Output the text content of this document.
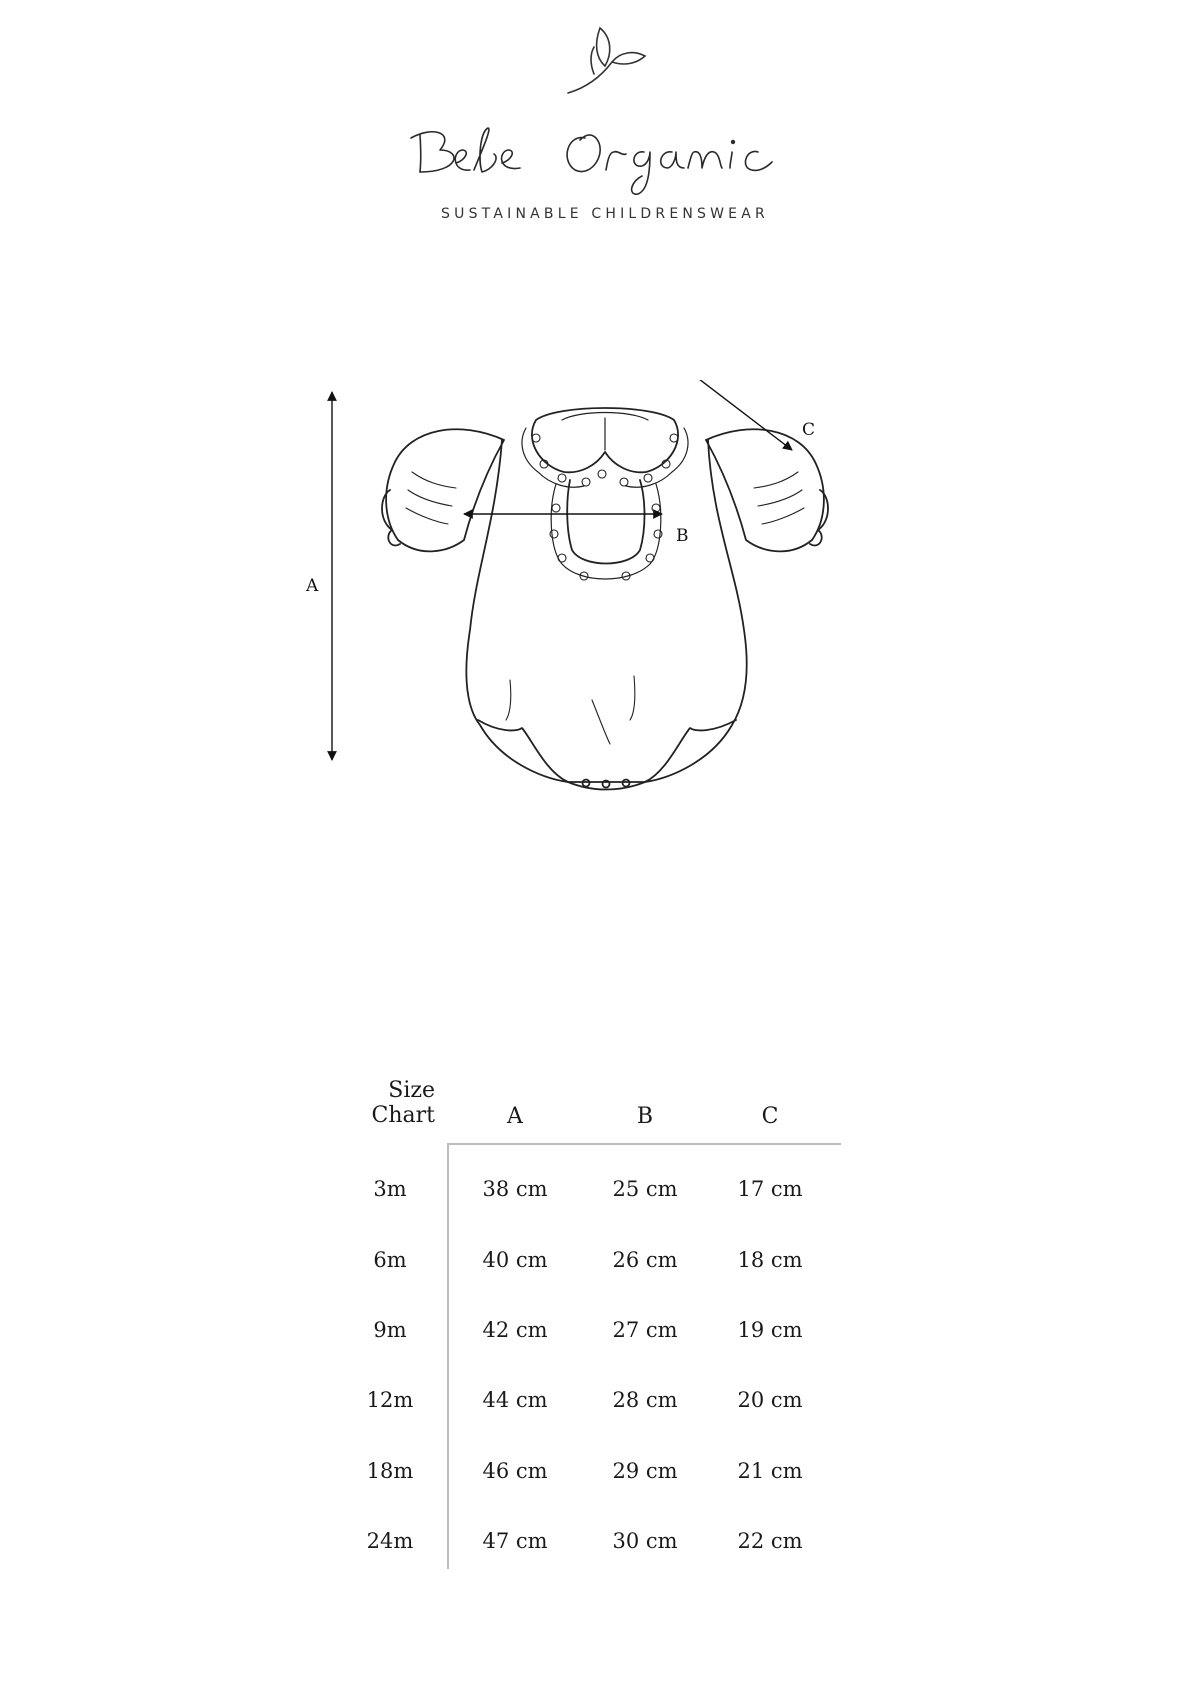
SUSTAINABLE CHILDRENSWEAR
A
B
C
Size
Chart	A	B	C
3m	38 cm	25 cm	17 cm
6m	40 cm	26 cm	18 cm
9m	42 cm	27 cm	19 cm
12m	44 cm	28 cm	20 cm
18m	46 cm	29 cm	21 cm
24m	47 cm	30 cm	22 cm
